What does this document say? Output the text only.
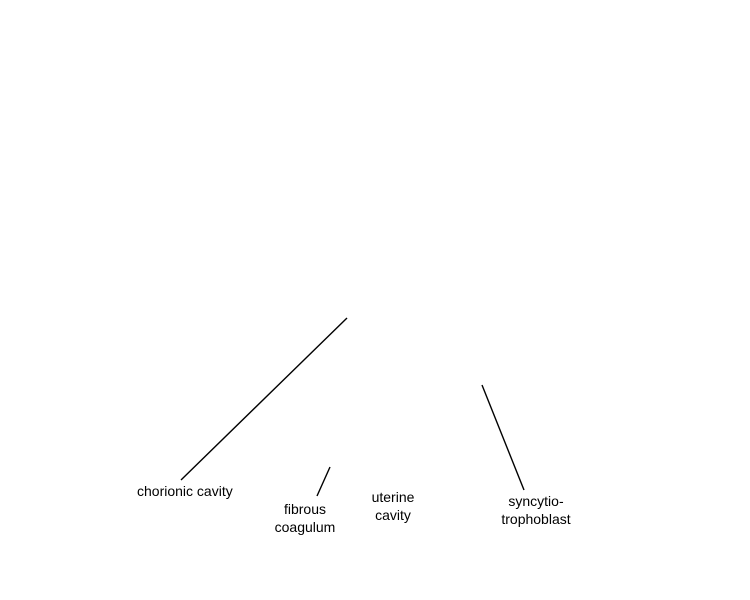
chorionic cavity
fibrous
coagulum
uterine
cavity
syncytio-
trophoblast
